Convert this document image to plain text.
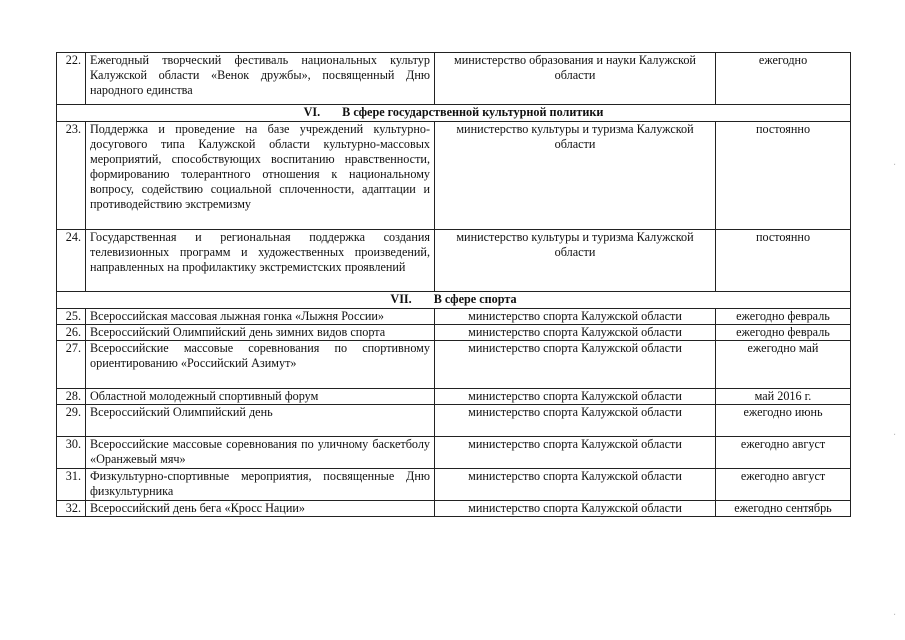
22.	Ежегодный творческий фестиваль национальных культур Калужской области «Венок дружбы», посвященный Дню народного единства	министерство образования и науки Калужской области	ежегодно
VI. В сфере государственной культурной политики			
23.	Поддержка и проведение на базе учреждений культурно-досугового типа Калужской области культурно-массовых мероприятий, способствующих воспитанию нравственности, формированию толерантного отношения к национальному вопросу, содействию социальной сплоченности, адаптации и противодействию экстремизму	министерство культуры и туризма Калужской области	постоянно
24.	Государственная и региональная поддержка создания телевизионных программ и художественных произведений, направленных на профилактику экстремистских проявлений	министерство культуры и туризма Калужской области	постоянно
VII. В сфере спорта			
25.	Всероссийская массовая лыжная гонка «Лыжня России»	министерство спорта Калужской области	ежегодно февраль
26.	Всероссийский Олимпийский день зимних видов спорта	министерство спорта Калужской области	ежегодно февраль
27.	Всероссийские массовые соревнования по спортивному ориентированию «Российский Азимут»	министерство спорта Калужской области	ежегодно май
28.	Областной молодежный спортивный форум	министерство спорта Калужской области	май 2016 г.
29.	Всероссийский Олимпийский день	министерство спорта Калужской области	ежегодно июнь
30.	Всероссийские массовые соревнования по уличному баскетболу «Оранжевый мяч»	министерство спорта Калужской области	ежегодно август
31.	Физкультурно-спортивные мероприятия, посвященные Дню физкультурника	министерство спорта Калужской области	ежегодно август
32.	Всероссийский день бега «Кросс Нации»	министерство спорта Калужской области	ежегодно сентябрь
·
·
·
